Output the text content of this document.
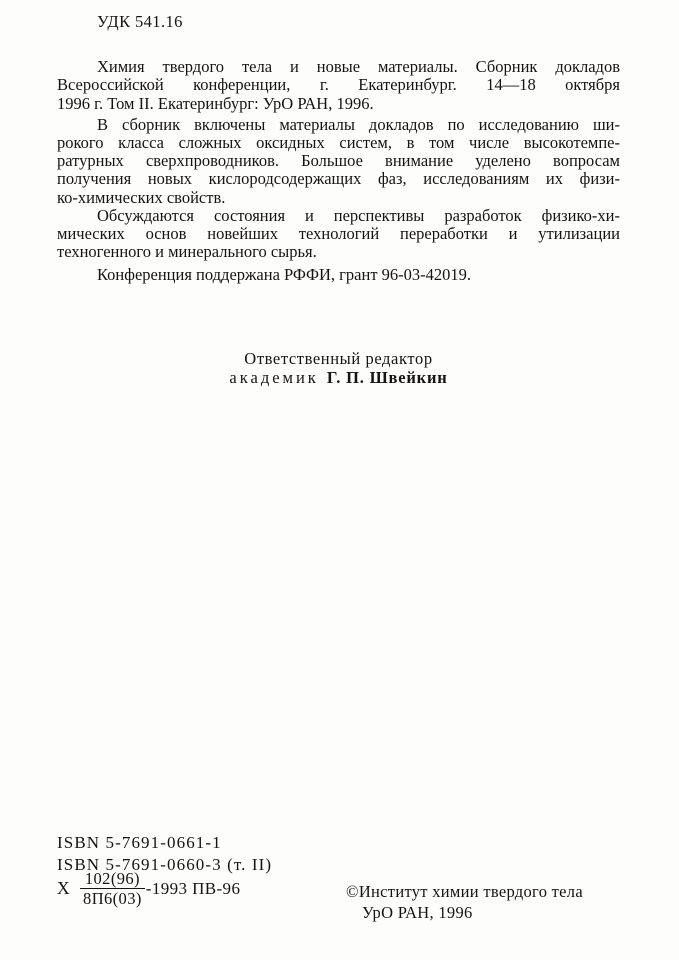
УДК 541.16
Химия твердого тела и новые материалы. Сборник докладов
Всероссийской конференции, г. Екатеринбург. 14—18 октября
1996 г. Том II. Екатеринбург: УрО РАН, 1996.
В сборник включены материалы докладов по исследованию ши-
рокого класса сложных оксидных систем, в том числе высокотемпе-
ратурных сверхпроводников. Большое внимание уделено вопросам
получения новых кислородсодержащих фаз, исследованиям их физи-
ко-химических свойств.
Обсуждаются состояния и перспективы разработок физико-хи-
мических основ новейших технологий переработки и утилизации
техногенного и минерального сырья.
Конференция поддержана РФФИ, грант 96-03-42019.
Ответственный редактор
академик Г. П. Швейкин
ISBN 5-7691-0661-1
ISBN 5-7691-0660-3 (т. II)
Х $\frac{102(96)}{8П6(03)} -1993$ ПВ-96	©Институт химии твердого тела
УрО РАН, 1996
